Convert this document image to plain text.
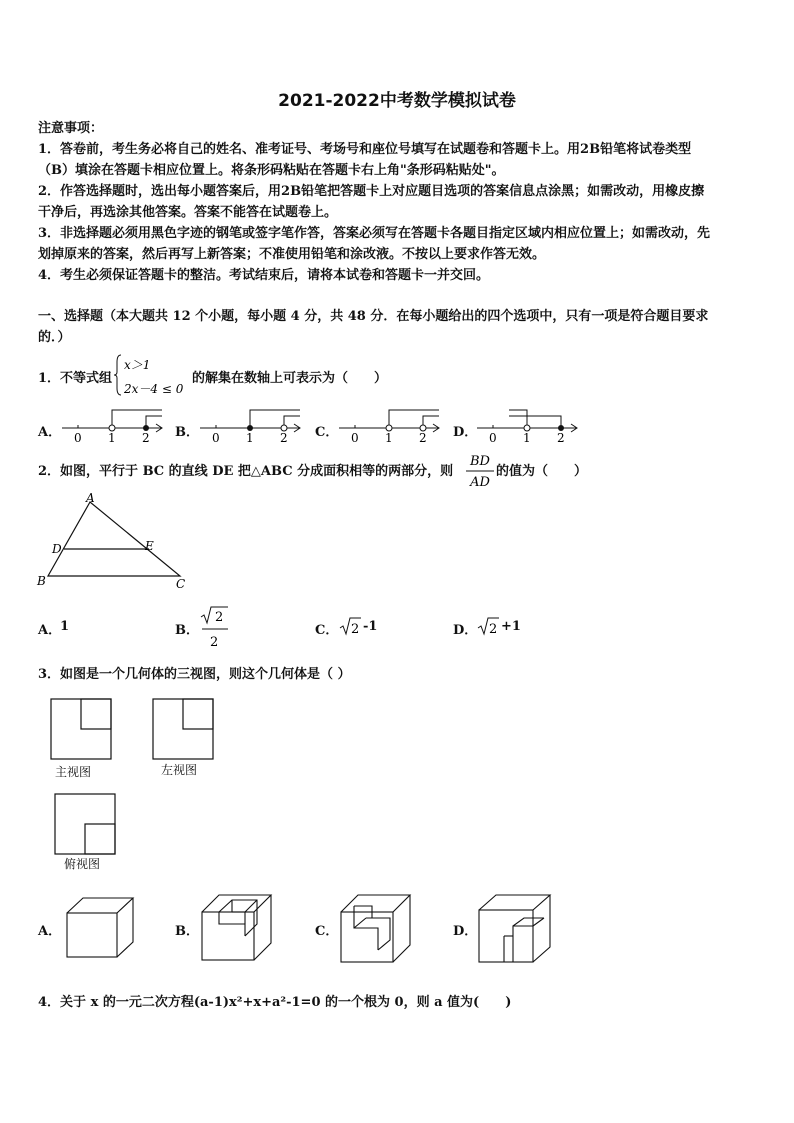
2021-2022中考数学模拟试卷
注意事项：
1．答卷前，考生务必将自己的姓名、准考证号、考场号和座位号填写在试题卷和答题卡上。用2B铅笔将试卷类型
（B）填涂在答题卡相应位置上。将条形码粘贴在答题卡右上角"条形码粘贴处"。
2．作答选择题时，选出每小题答案后，用2B铅笔把答题卡上对应题目选项的答案信息点涂黑；如需改动，用橡皮擦
干净后，再选涂其他答案。答案不能答在试题卷上。
3．非选择题必须用黑色字迹的钢笔或签字笔作答，答案必须写在答题卡各题目指定区域内相应位置上；如需改动，先
划掉原来的答案，然后再写上新答案；不准使用铅笔和涂改液。不按以上要求作答无效。
4．考生必须保证答题卡的整洁。考试结束后，请将本试卷和答题卡一并交回。
一、选择题（本大题共 12 个小题，每小题 4 分，共 48 分．在每小题给出的四个选项中，只有一项是符合题目要求
的．）
1．不等式组
x＞1
2x－4 ≤ 0
的解集在数轴上可表示为（　　）
A． 0 1 2 B． 0 1 2 C． 0 1 2 D． 0 1 2
2．如图，平行于 BC 的直线 DE 把△ABC 分成面积相等的两部分，则
BD
AD
的值为（　　）
A
D	E
B	C
A．
1	B．
2
2
C． 2 -1	D． 2 +1
3．如图是一个几何体的三视图，则这个几何体是（ ）
主视图	左视图
俯视图
A．	B．	C．	D．
4．关于 x 的一元二次方程(a-1)x²+x+a²-1=0 的一个根为 0，则 a 值为(　　)
